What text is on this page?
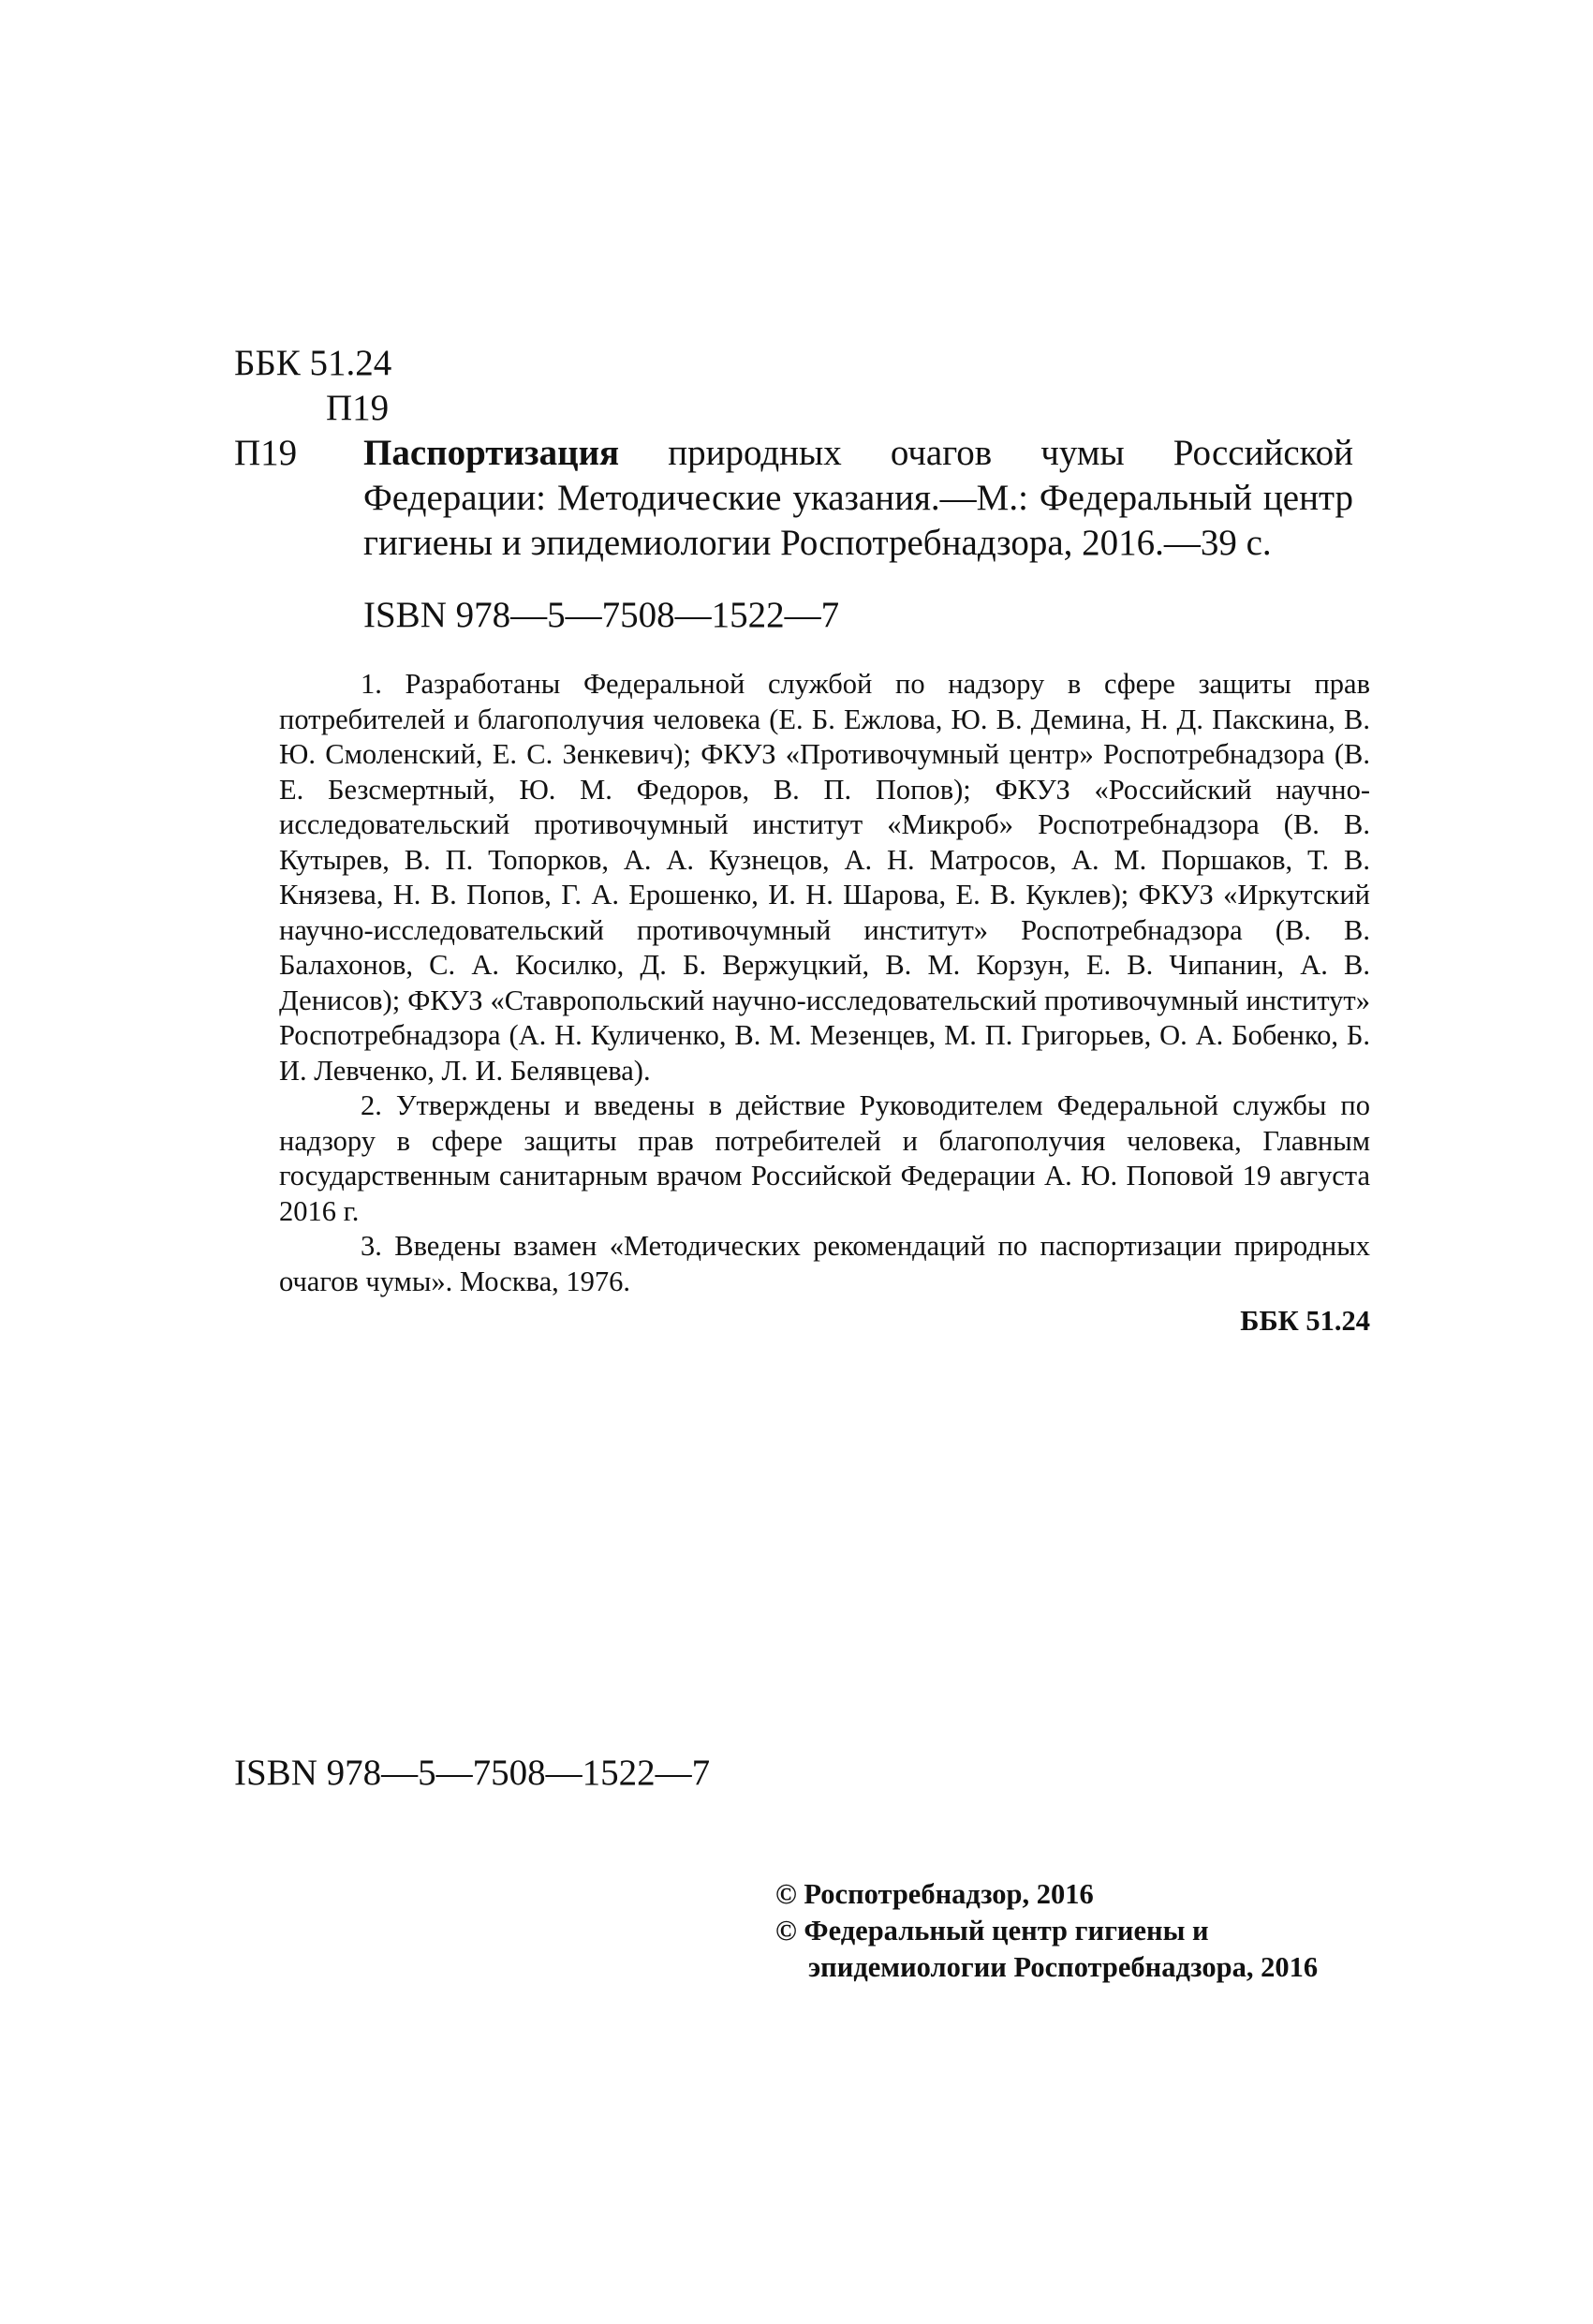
ББК 51.24
П19
П19 Паспортизация природных очагов чумы Российской Федерации: Методические указания.—М.: Федеральный центр гигиены и эпидемиологии Роспотребнадзора, 2016.—39 с.

ISBN 978—5—7508—1522—7

1. Разработаны Федеральной службой по надзору в сфере защиты прав потребителей и благополучия человека (Е. Б. Ежлова, Ю. В. Демина, Н. Д. Пакскина, В. Ю. Смоленский, Е. С. Зенкевич); ФКУЗ «Противочумный центр» Роспотребнадзора (В. Е. Безсмертный, Ю. М. Федоров, В. П. Попов); ФКУЗ «Российский научно-исследовательский противочумный институт «Микроб» Роспотребнадзора (В. В. Кутырев, В. П. Топорков, А. А. Кузнецов, А. Н. Матросов, А. М. Поршаков, Т. В. Князева, Н. В. Попов, Г. А. Ерошенко, И. Н. Шарова, Е. В. Куклев); ФКУЗ «Иркутский научно-исследовательский противочумный институт» Роспотребнадзора (В. В. Балахонов, С. А. Косилко, Д. Б. Вержуцкий, В. М. Корзун, Е. В. Чипанин, А. В. Денисов); ФКУЗ «Ставропольский научно-исследовательский противочумный институт» Роспотребнадзора (А. Н. Куличенко, В. М. Мезенцев, М. П. Григорьев, О. А. Бобенко, Б. И. Левченко, Л. И. Белявцева).

2. Утверждены и введены в действие Руководителем Федеральной службы по надзору в сфере защиты прав потребителей и благополучия человека, Главным государственным санитарным врачом Российской Федерации А. Ю. Поповой 19 августа 2016 г.

3. Введены взамен «Методических рекомендаций по паспортизации природных очагов чумы». Москва, 1976.

ББК 51.24
ISBN 978—5—7508—1522—7
© Роспотребнадзор, 2016
© Федеральный центр гигиены и
эпидемиологии Роспотребнадзора, 2016
